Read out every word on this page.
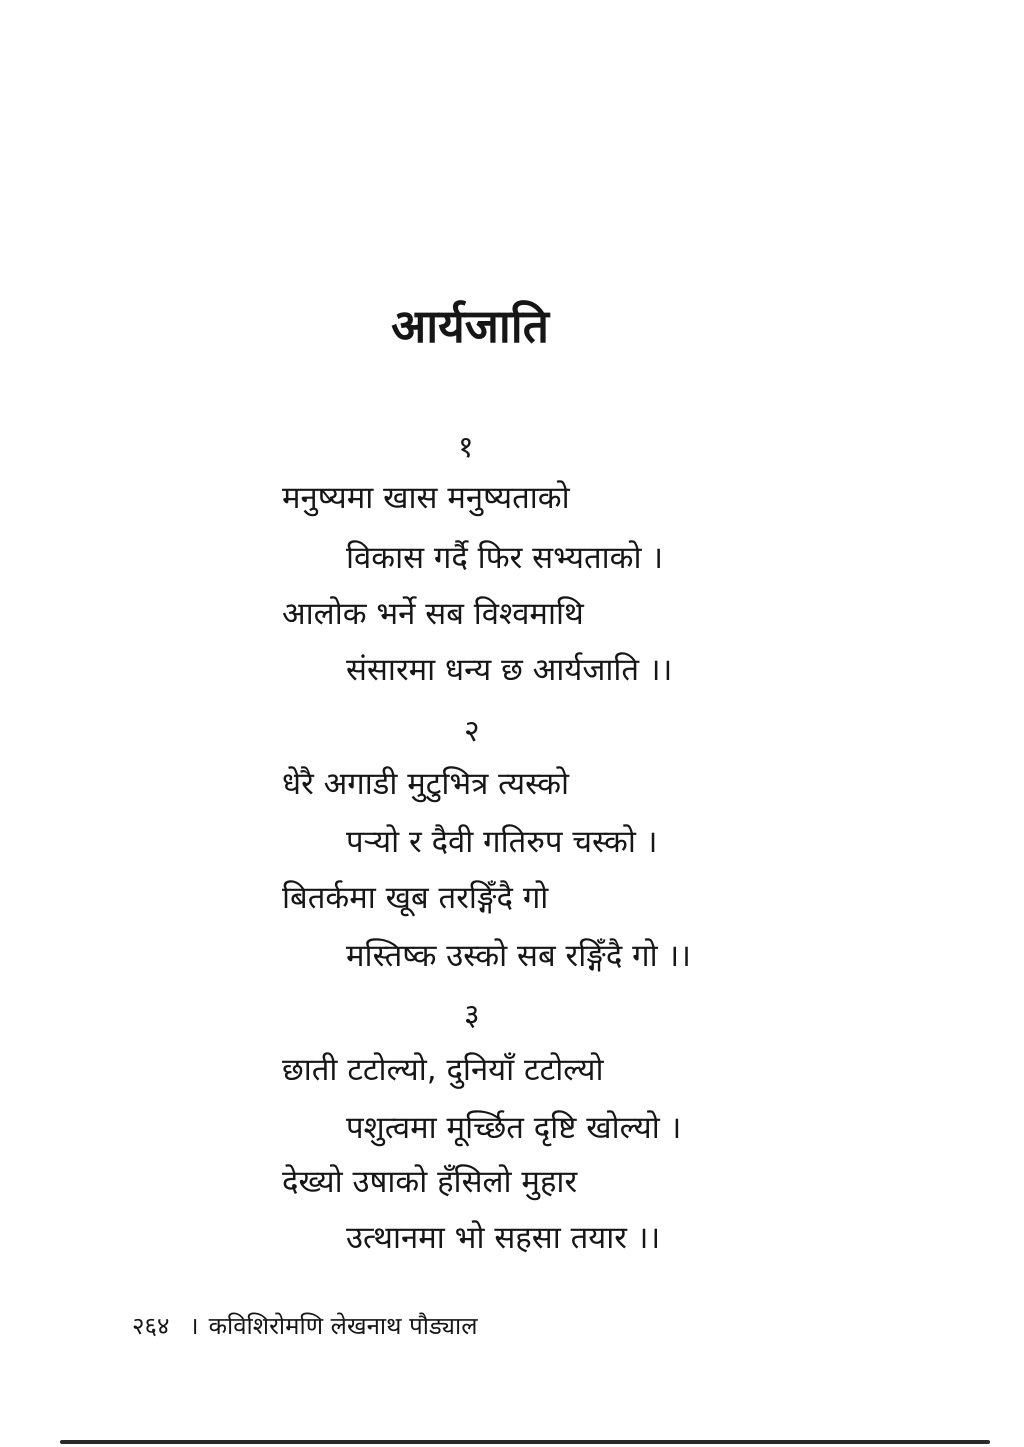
आर्यजाति
१
मनुष्यमा खास मनुष्यताको
विकास गर्दै फिर सभ्यताको ।
आलोक भर्ने सब विश्वमाथि
संसारमा धन्य छ आर्यजाति ।।
२
धेरै अगाडी मुटुभित्र त्यस्को
पऱ्यो र दैवी गतिरुप चस्को ।
बितर्कमा खूब तरङ्गिँदै गो
मस्तिष्क उस्को सब रङ्गिँदै गो ।।
३
छाती टटोल्यो, दुनियाँ टटोल्यो
पशुत्वमा मूर्च्छित दृष्टि खोल्यो ।
देख्यो उषाको हँसिलो मुहार
उत्थानमा भो सहसा तयार ।।
२६४ । कविशिरोमणि लेखनाथ पौड्याल
